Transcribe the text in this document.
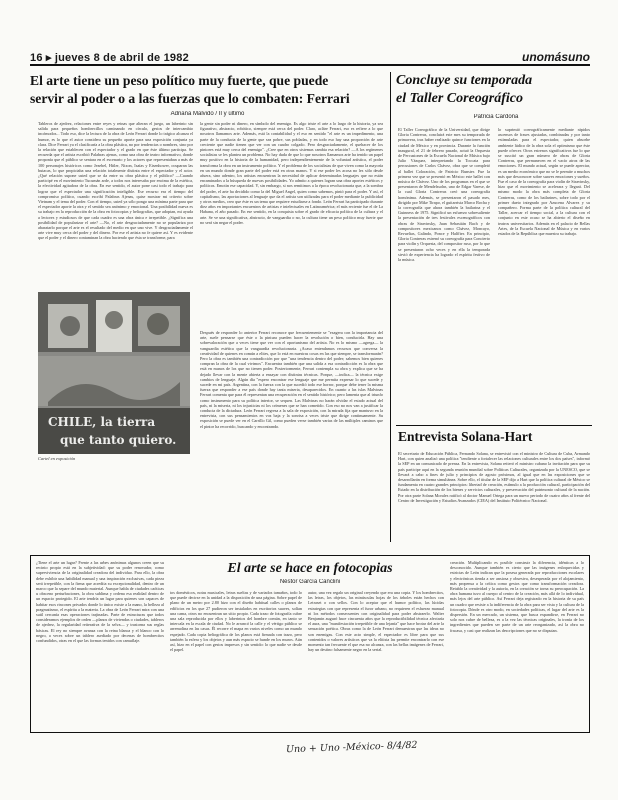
16 ▸ jueves 8 de abril de 1982	unomásuno
El arte tiene un peso político muy fuerte, que puede
servir al poder o a las fuerzas que lo combaten: Ferrari
Adriana Malvido / II y último
Tableros de ajedrez, relaciones entre reyes y reinas que alteran el juego, un laberinto sin salida para pequeños hombrecillos caminando en círculo, gestos de intercambio incómodos... Todo eso, dice la lectura de la obra de León Ferrari donde lo trágico alcanza el humor, es lo que el autor considera su pequeño aporte para una exposición conjunta ya clara. Dice Ferrari ya el clasificaría a la obra plástica, no por tendencias o nombres, sino por la relación que establecen con el espectador y el grado en que éste último participa. Se recuerda que el artista escribió Palabras ajenas, como una obra de teatro informativo, donde proponía que el público se sentara en el escenario y los actores que representaban a más de 100 personajes históricos como Jezebel, Hitler, Nixon, Isaías y Eisenhower, ocuparan las butacas, lo que propiciaba una relación totalmente distinta entre el espectador y el actor. ¿Qué relación supone usted que se da entre su obra plástica y el público? —Cuando participé en el movimiento Tucumán arde, a todos nos interesaba por encima de la estética, la efectividad agitadora de la obra. En ese sentido, el autor pone casi todo el trabajo para lograr que el espectador una significación inteligible. Ese recurso era el tiempo del compromiso político, cuando escribí Palabras Ajenas, quise mostrar mi criterio sobre Vietnam y el tema del poder. Con el tiempo, usted ya sólo pongo una mínima parte para que el espectador aporte la otra y el sentido sea anónimo y emocional. Una posibilidad nueva es su trabajo en la reproducción de la obra en fotocopias y heliografías, que adoptan, mi ayuda a lectores y estudiosos de que cada cuadro es una obra única e irrepetible. ¿Significa una posibilidad de popularizar el arte? —No, el arte desgraciadamente no se populariza por abaratarlo porque el arte es el resultado del medio en que uno vive. Y desgraciadamente el arte vive muy cerca del poder y del dinero. Por ese el artista no fe quiere así. Y es evidente que el poder y el dinero contaminan la obra haciendo que ésta se transforme, para
la gente sin poder ni dinero, en símbolo del enemigo. Es algo triste el arte a lo largo de la historia, ya sea figurativo, abstracto, robótico, siempre está cerca del poder. Claro, acláre Ferrari, eso es refiere a lo que nosotros llamamos arte. Además, está la contabilidad y el eso en sentido "el arte es un impedimento, una parte de la conducta de la gente que sea pobre, sus pobladas, y en todo eso hay una proporción de arte creciente que nadie tienen que ver con un cuadro colgado. Pero desgraciadamente, el quehacer de los pintores está muy cerca del enemigo". ¿Cree que en otros sistemas cambia esa relación? —A los regímenes socialistas se les plantea un problema. No hay duda de que lo que nosotros llamamos arte ha tenido un papel muy positivo en la historia de la humanidad, pero independientemente de la voluntad artística, el poder transforma la obra en un instrumento político. Y el problema de los socialistas de que viven como la mayoría en un mundo donde gran parte del poder está en otras manos. Y si ese poder les acosa no les sólo desde afuera, sino adentro, los artistas encuentran la necesidad de aplicar determinadas lenguajes que no están encaminados a la búsqueda de nuevas posibilidades. Yo admito a quienes logran una obra aportes estéticos y políticos. Emotin ese capacidad. Y, sin embargo, si nos remitimos a la época revolucionaria que, a la sombra del poder, el arte ha decidido como la del Miguel Angel, quien como sabemos, pintó para el poder. Y así, el capitalismo, las aportaciones al lenguaje que da el artista son utilizadas para el poder mediante la publicidad y otros medios, creo que éste es un tema que requiere estudiarse a fondo. León Ferrari ha participado durante diez años en importantes encuentros de artistas e intelectuales en Latinoamérica; el más reciente fue el de La Habana, el año pasado. En ese sentido, en la conquista sobre el grado de eficacia política de la cultura y el arte. Se ve una significativa, abstracto, de vanguardia o no, la cultura tiene un peso político muy fuerte que no será sin negar el poder.
Después de responder lo anterior Ferrari reconoce que frecuentemente se "exagera con la importancia del arte, suele pensarse que éste o la pintura pueden hacer la revolución o bien, conducirla. Hay una sobrevaloración que a veces tiene que ver con el oportunismo del artista. No es lo mismo —agrega— la vanguardia estética que la vanguardia revolucionaria. ¿Acaso entendamos recursos que conversa la creatividad de quienes en común a elites, que lo está en nuestras cosas en las que siempre, se transformarán? Pero la obra es también una contradicción por que "una tendencia dentro del poder; sabemos bien quienes compran la obra de la cual vivimos". Encuentra también que una salida a esa contradicción es la obra que está en manos de los que no tienen poder. Posteriormente, Ferrari contempla su obra y explica que se ha dejado llevar con la mente abierta a ensayar con distintas técnicas. Porque, —indica— la técnica exige cambios de lenguaje. Algún día "espero encontrar ese lenguaje que me permita expresar lo que sucede y sucede en mi país. Argentina, con la fuerza con la que sucedió todo ese horror, porque debe tener la misma fuerza que responder a ese país donde hay tanta miseria, desaparecidos. En cuanto a las islas Malvinas Ferrari comenta que para él representan una recuperación en el sentido histórico; pero lamenta que al triunfo como instrumento para su política interior, se sequen. Las Malvinas no harán olvidar el estado actual del país, ni la miseria, ni los injusticias ni los crímenes que se han cometido. Con eso no nos van a justificar la conducta de la dictadura. León Ferrari regresa a la sala de exposición, con la mirada fija que mantuvo en la entrevista, con sus pensamientos en voz baja y la sonrisa a veces triste que dirige continuamente. Su exposición se puede ver en el Carrillo Gil, como pueden verse también varias de las múltiples caminos que el pintor ha recorrido, buscando y encontrando.
CHILE, la tierra
que tanto quiero.
Cartel en exposición
Concluye su temporada
el Taller Coreográfico
Patricia Cardona
El Taller Coreográfico de la Universidad, que dirige Gloria Contreras, concluirá este mes su temporada de primavera, tras haber realizado quince funciones en la ciudad de México y en provincia. Durante la función inaugural, el 21 de febrero pasado, actuó la Orquesta de Percusiones de la Escuela Nacional de Música bajo Julio Vázquez, interpretando la Toccata para percusiones de Carlos Chávez, obra que se completó al ballet Coloración, de Patricio Bunster. Fue la primera vez que se presentó en México este ballet con música de Chávez. Uno de los programas en el que se presentaron de Mendelssohn, uno de Edgar Varese, de la cual Gloria Contreras creó una coreografía homónima. Además, se presentaron el pasado mes, dirigido por Mike Tirapo, el guitarrista Marco Rocha y la coreografía que ahora también la bailarina y el Guinness de 1975. Significó un esfuerzo sobresaliente la presentación de tres festivales escenográficos con obras de Stravinsky, Juan Sebastián Bach y de compositores mexicanos como Chávez, Moncayo, Revueltas, Galindo, Ponce y Halffter. En principio, Gloria Contreras estrenó su coreografía para Concierto para violín y Orquesta, del compositor ruso, por lo que se presentaron ocho veces y en ella la temporada sirvió de experiencia ha logrado el espíritu festivo de la música.
lo suprimió coreográficamente mediante rápidos ascensos de frases ajustadas, combinadas y por tanto estimuladas para el espectador, quien absorbe ambiente lúdico de la obra sola el optimismo que éste puede ofrecer. Otros estrenos significativos fue lo que se suscitó un gran número de obras de Gloria Contreras, que permanecen en el vacío atroz de las emociones. El mundo actual, según se puede apreciar, es un medio económico que no se le permite a muchos más que desconocer sobre suaves emociones y sueños. Fue el caso de la coreografía para violín de Stravinsky, hizo que el movimiento se acelerara y llegará. Del mismo modo la obra más completa de Gloria Contreras, como de los bailarines, sobre todo por el primer dueto integrado por Azucena Alvarez y su compañero. Forma parte de la política cultural del Taller, acercar el tiempo social, a la cultura con el conjunto en este ocaso se ha abierto el diseño en teatros universitarios. Además en el palacio de Bellas Artes, de la Escuela Nacional de Música y en varios estados de la República que muestra su trabajo.
Entrevista Solana-Hart
El secretario de Educación Pública, Fernando Solana, se entrevistó con el ministro de Cultura de Cuba, Armando Hart, con quien analizó una política "tendiente a fortalecer las relaciones culturales entre los dos países", informó la SEP en un comunicado de prensa. En la entrevista, Solana reiteró el ministro cubano la invitación para que su país participe aquí en la segunda reunión mundial sobre Políticas Culturales, organizada por la UNESCO, que se llevará a cabo a fines de julio y principios de agosto próximos, al igual que en las exposiciones que se desarrollarán en forma simultánea. Sobre ello, el titular de la SEP dijo a Hart que la política cultural de México se fundamenta en cuatro grandes principios: libertad de creación, estímulo a la producción cultural, participación del Estado en la distribución de los bienes y servicios culturales, y preservación del patrimonio cultural de la nación. Por otra parte Solana Morales ratificó al doctor Manuel Ortega para un nuevo periodo de cuatro años al frente del Centro de Investigación y Estudios Avanzados (CIEA) del Instituto Politécnico Nacional.
El arte se hace en fotocopias
Néstor García Canclini
¿Tiene el arte un lugar? Frente a las urbes anónimas algunos creen que su recinto propio está en la subjetividad: que su poder renovador, como superviviencia de la originalidad creadora del individuo. Para ello, la obra debe exhibir una habilidad manual y una inspiración exclusivas, cada pieza será irrepetible, con la firma que acredita su excepcionalidad, dentro de un marco que la separe del mundo material. Aunque habla de ciudades caóticas u obsceno perturbaciones, la obra sublima y ordena esa realidad dentro de un espacio protegido. El arte tendría un lugar para quienes son capaces de habitar esos rincones privados donde lo único existe a la mano, la belleza al pragmatismo, el espíritu a la materia. La obra de León Ferrari mira con una sutil cercanía esas operaciones trajinadas. Parte de estructuras que todos consideramos ejemplos de orden —planos de viviendas o ciudades, tableros de ajedrez, la regularidad reiterativa de la selva— y trastorna sus reglas básicas. El rey no siempre avanza con la reina blanca y el blanco con lo negro, a veces sobre un tablero asediado por decenas de hombrecitos confundidos, otras en el que las formas tenidos con camuflaje.
tos domésticos, notas musicales, letras sueltas y de variados tamaños, todo lo que puede decirse en la unidad a la disposición de una página. Sobre papel de plano de un metro por 2.80 hizo con el diseño habitual calles o planos de edificios en los que 27 pudieron ser instalados en escritorios suaves, solían una cama, otros no encuentran un sitio propio. Cada trazo de fotografía cubre una sala reproducida por ellos y laberintos del hombre común, en tanto se intercala en la escala de ciudad. No le arrancó la calle y el vértigo público se arremolina en las casas. Él recorre el mapa en varios niveles como un mundo espejado. Cada copia heliográfica de los planos está firmada con trazo, pero también la esfera y los objetos y aun más espacio se hunde en los muros. Aún así, hizo en el papel con gestos impresos y sin sentido: lo que nadie ve desde el papel.
autor, una vez regalo un original creyendo que era una copia. Y los hombrecitos, las letras, los objetos, las minúsculas hojas de los árboles están hechos con Letraset o con sellos. Con lo aceptar que el humor político, las lúcidas estrategias con que representa el furor urbano, no requieren el esfuerzo manual ni los métodos consecuentes con originalidad para poder abstraerlo. Walter Benjamin auguró hace cincuenta años que la reproductibilidad técnica afectaría el aura, una "manifestación irrepetible de una lejanía" que hace brotar del arte la sensación poética. Obras como la de León Ferrari demuestran que las ideas no son enemigas. Con este acto simple, el espectador es libre para que sus contenidos o valores artísticos que va la elitista las permite encontrarlo con ese momento tan frecuente el que esa no alcanza, con las bellas imágenes de Ferrari, hay un destino falsamente negro en la serial.
creación. Multiplicando es posible construir la diferencia, idénticas a lo desconocido. Aunque también es cierto que las imágenes enloquecidas y estrictas de León indican que la posesa generada por reproducciones escolares y electrónicas tienda a ser ansiosa y obsesiva, desesperada por el alojamiento, más propensa a la crítica como gestos que como transformación creadora. Retablo la creatividad y la autoría, en la creación se torna su preocupación. La obra humana tuvo al cuerpo al centro de la creación, más allá de lo individual, más lejos del arte público. Así Ferrari deja registrado en la historia de su país un cuadro que resiste a la indiferencia de la obra para ser vista y la cultura de la fotocopia. Dónde es otro modo, en sociedades políticas, el lugar del arte es la dispersión. En un mercado, un sistema, que busca expandirse, en Ferrari no solo nos cubre de belleza, es a la vez las técnicas originales, la ironía de los ingredientes que pueden ser parte de un arte reorganizado, así la obra no fracasa, y casi que realizan las descripciones que no se disputan.
Uno + Uno -México- 8/4/82
